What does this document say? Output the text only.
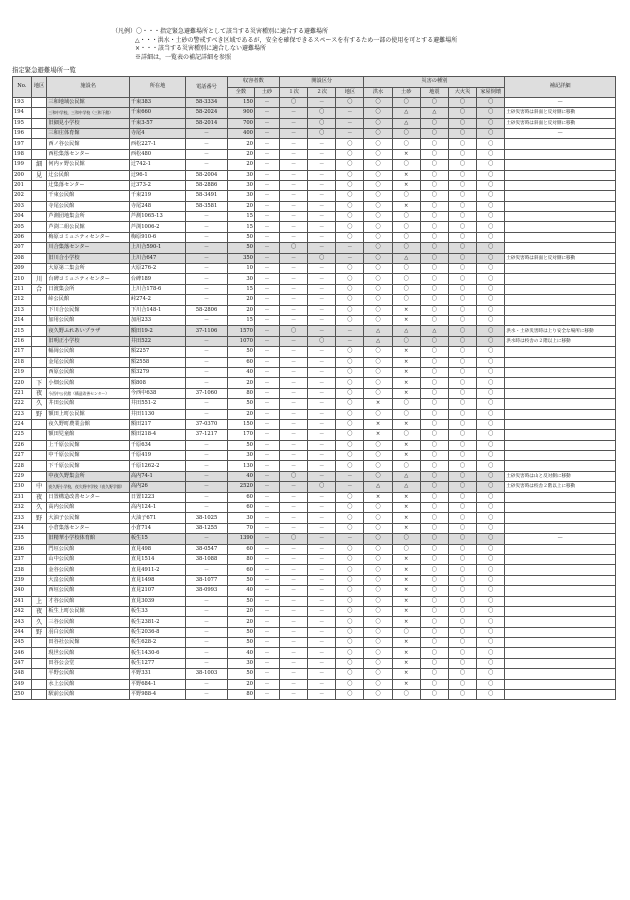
（凡例）〇・・・指定緊急避難場所として該当する災害種別に適合する避難場所
△・・・洪水・土砂の警戒すべき区域であるが，安全を確保できるスペースを有するため一部の使用を可とする避難場所
×・・・該当する災害種別に適合しない避難場所
※詳細は，一覧表の補記詳細を参照
指定緊急避難場所一覧
No.	地区	施設名	所在地	電話番号	収容者数		開設区分			災害の種別					補記詳細
					全数	土砂	１次	２次	地区	洪水	土砂	地震	大火災	家屋倒壊	
193		三和地域公民館	千束383	58-3334	150	－	〇	－	〇	〇	〇	〇	〇	〇	―
194		三和中学校，三和中学校（三和下館）	千束660	58-2024	900	－	－	〇	－	〇	△	△	〇	〇	土砂災害時は斜面と反対側に移動
195		旧細見小学校	千束3-57	58-2014	700	－	－	〇	－	〇	△	〇	〇	〇	土砂災害時は斜面と反対側に移動
196		三和庄体育館	寺尾4	－	400	－	－	〇	－	〇	〇	〇	〇	〇	―
197		西ノ谷公民館	西松227-1	－	20	－	－	－	〇	〇	〇	〇	〇	〇	
198		西松集落センター	西松480	－	20	－	－	－	〇	〇	×	〇	〇	〇	
199	細	何内ヶ野公民館	辻742-1	－	20	－	－	－	〇	〇	〇	〇	〇	〇	
200	見	辻公民館	辻96-1	58-2004	30	－	－	－	〇	〇	×	〇	〇	〇	
201		辻集落センター	辻373-2	58-2886	30	－	－	－	〇	〇	×	〇	〇	〇	
202		千束公民館	千束219	58-3491	30	－	－	－	〇	〇	〇	〇	〇	〇	
203		寺尾公民館	寺尾248	58-3581	20	－	－	－	〇	〇	×	〇	〇	〇	
204		芦測団地集会所	芦測1065-13	－	15	－	－	－	〇	〇	〇	〇	〇	〇	
205		芦渕二組公民館	芦渕1006-2	－	15	－	－	－	〇	〇	〇	〇	〇	〇	
206		梅原コミュニティセンター	梅原910-6	－	50	－	－	－	〇	〇	〇	〇	〇	〇	
207		川合集落センター	上川合590-1	－	50	－	〇	－	－	〇	〇	〇	〇	〇	
208		旧川合小学校	上川合647	－	350	－	－	〇	－	〇	△	〇	〇	〇	土砂災害時は斜面と反対側に移動
209		大原第二集会所	大原276-2	－	10	－	－	－	〇	〇	〇	〇	〇	〇	
210	川	台碑コミュニティセンター	台碑189	－	30	－	－	－	〇	〇	〇	〇	〇	〇	
211	合	日渡集会所	上川合178-6	－	15	－	－	－	〇	〇	〇	〇	〇	〇	
212		峠公民館	峠274-2	－	20	－	－	－	〇	〇	〇	〇	〇	〇	
213		下川合公民館	下川合148-1	58-2806	20	－	－	－	〇	〇	×	〇	〇	〇	
214		加用公民館	加用233	－	15	－	－	－	〇	〇	×	〇	〇	〇	
215		夜久野ふれあいプラザ	額田19-2	37-1106	1570	－	〇	－	－	△	△	△	〇	〇	洪水・土砂災害時は上り安全な場所に移動
216		旧明正小学校	井田522	－	1070	－	－	〇	－	△	〇	〇	〇	〇	洪水時は校舎の２階以上に移動
217		輻岡公民館	額2257	－	50	－	－	－	〇	〇	×	〇	〇	〇	
218		金尾公民館	額2558	－	60	－	－	－	〇	〇	×	〇	〇	〇	
219		西原公民館	額3279	－	40	－	－	－	〇	〇	×	〇	〇	〇	
220	下	小畑公民館	額808	－	20	－	－	－	〇	〇	×	〇	〇	〇	
221	夜	今西中公民館（構造改善センター）	今西中638	37-1060	80	－	－	－	〇	〇	×	〇	〇	〇	
222	久	井田公民館	井田551-2	－	50	－	－	－	〇	×	〇	〇	〇	〇	
223	野	額田上町公民館	井田1130	－	20	－	－	－	〇	〇	〇	〇	〇	〇	
224		夜久野町農業会館	額田217	37-0370	150	－	－	－	〇	×	×	〇	〇	〇	
225		額田児童館	額田218-4	37-1217	170	－	－	－	〇	×	〇	〇	〇	〇	
226		上千原公民館	千原634	－	50	－	－	－	〇	〇	×	〇	〇	〇	
227		中千原公民館	千原419	－	30	－	－	－	〇	〇	×	〇	〇	〇	
228		下千原公民館	千原1262-2	－	130	－	－	－	〇	〇	〇	〇	〇	〇	
229		中夜久野集会所	高内74-1	－	40	－	〇	－	－	〇	△	〇	〇	〇	土砂災害時は山と反対側に移動
230	中	夜久野小学校，夜久野中学校（夜久野学園）	高内26	－	2520	－	－	〇	－	△	△	〇	〇	〇	土砂災害時は校舎２階以上に移動
231	夜	日置構造改善センター	日置1223	－	60	－	－	－	〇	×	×	〇	〇	〇	
232	久	高内公民館	高内124-1	－	60	－	－	－	〇	〇	×	〇	〇	〇	
233	野	大油子公民館	大油子671	38-1025	30	－	－	－	〇	〇	×	〇	〇	〇	
234		小倉集落センター	小倉714	38-1255	70	－	－	－	〇	〇	×	〇	〇	〇	
235		旧精華小学校体育館	板生15	－	1390	－	〇	－	－	〇	〇	〇	〇	〇	―
236		門垣公民館	直見498	38-0547	60	－	－	－	〇	〇	〇	〇	〇	〇	
237		山中公民館	直見1514	38-1088	80	－	－	－	〇	〇	×	〇	〇	〇	
238		金谷公民館	直見4911-2	－	60	－	－	－	〇	〇	×	〇	〇	〇	
239		大畠公民館	直見1498	38-1077	50	－	－	－	〇	〇	×	〇	〇	〇	
240		西垣公民館	直見2107	38-0993	40	－	－	－	〇	〇	×	〇	〇	〇	
241	上	才谷公民館	直見3039	－	50	－	－	－	〇	〇	×	〇	〇	〇	
242	夜	板生上町公民館	板生33	－	20	－	－	－	〇	〇	×	〇	〇	〇	
243	久	三谷公民館	板生2381-2	－	20	－	－	－	〇	〇	×	〇	〇	〇	
244	野	羽白公民館	板生2036-8	－	50	－	－	－	〇	〇	〇	〇	〇	〇	
245		田谷社公民館	板生628-2	－	50	－	－	－	〇	〇	×	〇	〇	〇	
246		現世公民館	板生1430-6	－	40	－	－	－	〇	〇	×	〇	〇	〇	
247		田谷公会堂	板生1277	－	30	－	－	－	〇	〇	×	〇	〇	〇	
248		平野公民館	平野331	38-1003	50	－	－	－	〇	〇	×	〇	〇	〇	
249		水上公民館	平野684-1	－	20	－	－	－	〇	〇	×	〇	〇	〇	
250		駅前公民館	平野988-4	－	80	－	－	－	〇	〇	〇	〇	〇	〇	
